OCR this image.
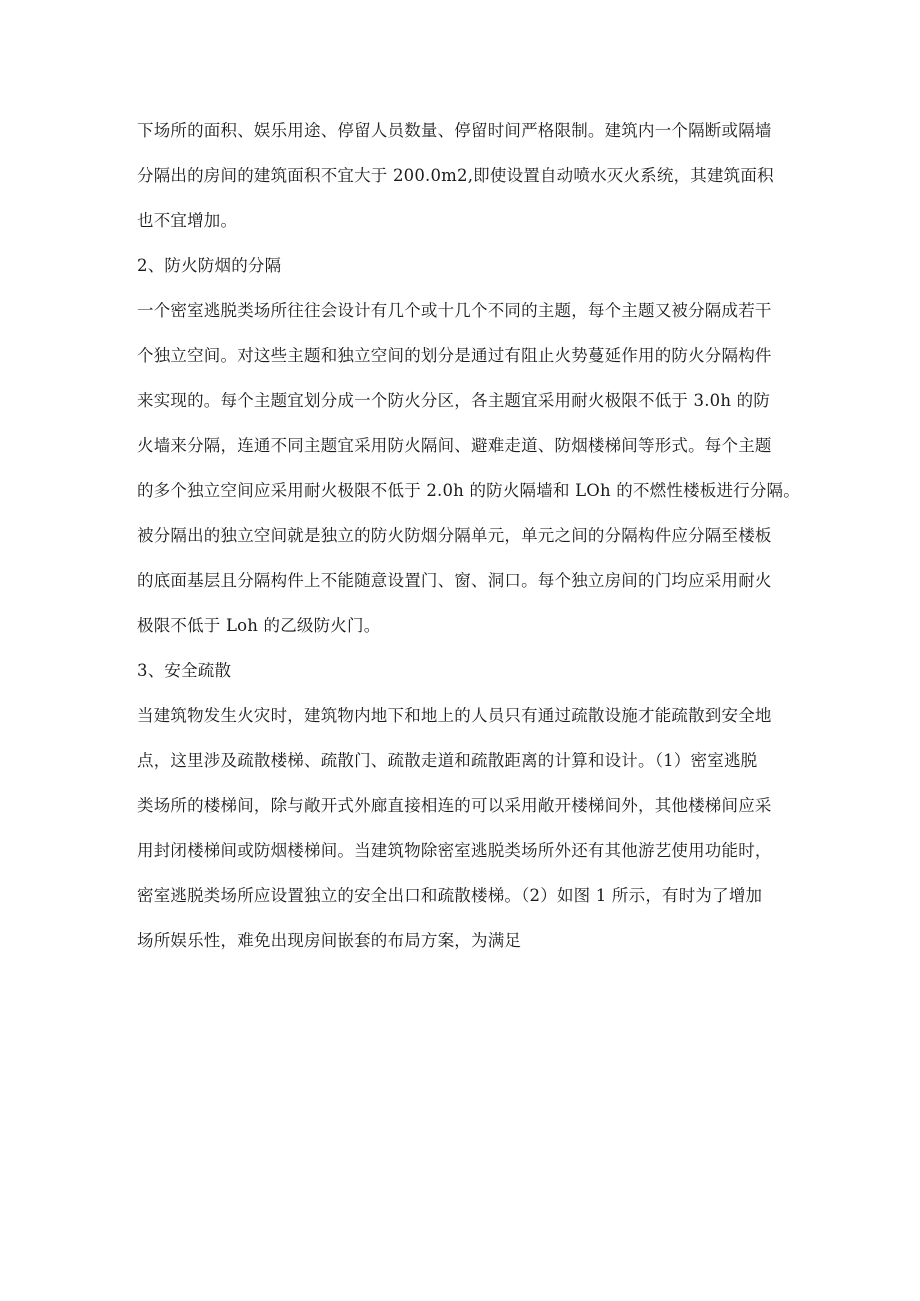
下场所的面积、娱乐用途、停留人员数量、停留时间严格限制。建筑内一个隔断或隔墙
分隔出的房间的建筑面积不宜大于 200.0m2,即使设置自动喷水灭火系统，其建筑面积
也不宜增加。
2、防火防烟的分隔
一个密室逃脱类场所往往会设计有几个或十几个不同的主题，每个主题又被分隔成若干
个独立空间。对这些主题和独立空间的划分是通过有阻止火势蔓延作用的防火分隔构件
来实现的。每个主题宜划分成一个防火分区，各主题宜采用耐火极限不低于 3.0h 的防
火墙来分隔，连通不同主题宜采用防火隔间、避难走道、防烟楼梯间等形式。每个主题
的多个独立空间应采用耐火极限不低于 2.0h 的防火隔墙和 LOh 的不燃性楼板进行分隔。
被分隔出的独立空间就是独立的防火防烟分隔单元，单元之间的分隔构件应分隔至楼板
的底面基层且分隔构件上不能随意设置门、窗、洞口。每个独立房间的门均应采用耐火
极限不低于 Loh 的乙级防火门。
3、安全疏散
当建筑物发生火灾时，建筑物内地下和地上的人员只有通过疏散设施才能疏散到安全地
点，这里涉及疏散楼梯、疏散门、疏散走道和疏散距离的计算和设计。（1）密室逃脱
类场所的楼梯间，除与敞开式外廊直接相连的可以采用敞开楼梯间外，其他楼梯间应采
用封闭楼梯间或防烟楼梯间。当建筑物除密室逃脱类场所外还有其他游艺使用功能时，
密室逃脱类场所应设置独立的安全出口和疏散楼梯。（2）如图 1 所示，有时为了增加
场所娱乐性，难免出现房间嵌套的布局方案，为满足
